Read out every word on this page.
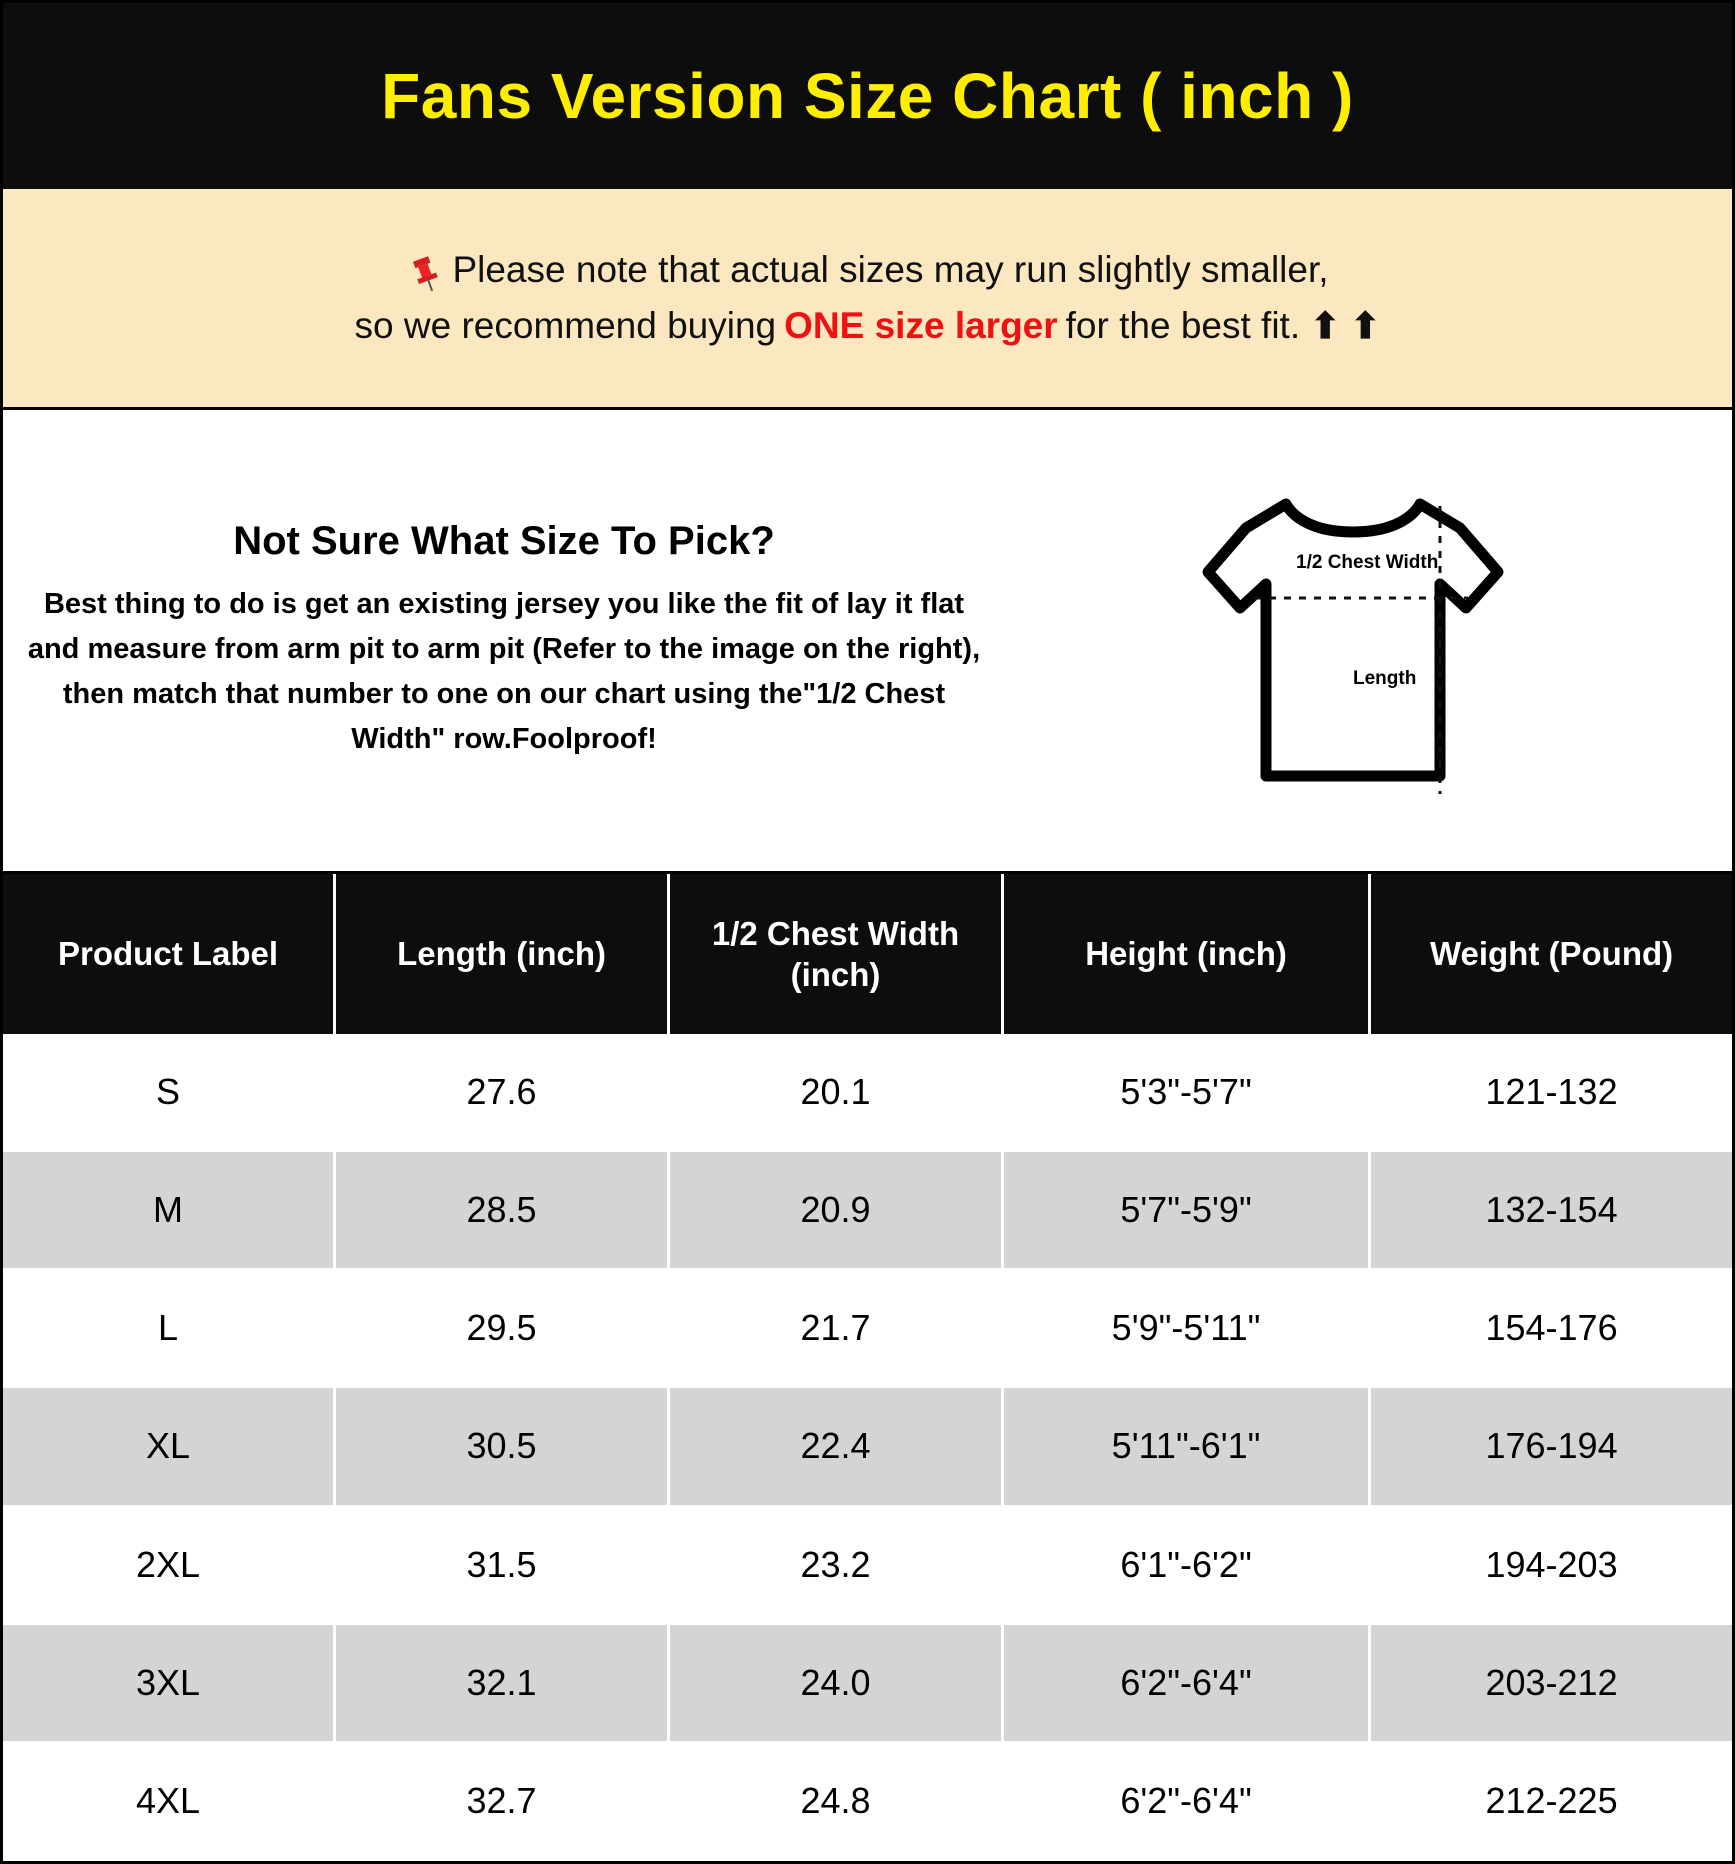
Fans Version Size Chart ( inch )
Please note that actual sizes may run slightly smaller,
so we recommend buying ONE size larger for the best fit. ⬆ ⬆
Not Sure What Size To Pick?
Best thing to do is get an existing jersey you like the fit of lay it flat and measure from arm pit to arm pit (Refer to the image on the right), then match that number to one on our chart using the"1/2 Chest Width" row.Foolproof!
1/2 Chest Width
Length
Product Label	Length (inch)	1/2 Chest Width (inch)	Height (inch)	Weight (Pound)
S	27.6	20.1	5'3"-5'7"	121-132
M	28.5	20.9	5'7"-5'9"	132-154
L	29.5	21.7	5'9"-5'11"	154-176
XL	30.5	22.4	5'11"-6'1"	176-194
2XL	31.5	23.2	6'1"-6'2"	194-203
3XL	32.1	24.0	6'2"-6'4"	203-212
4XL	32.7	24.8	6'2"-6'4"	212-225
